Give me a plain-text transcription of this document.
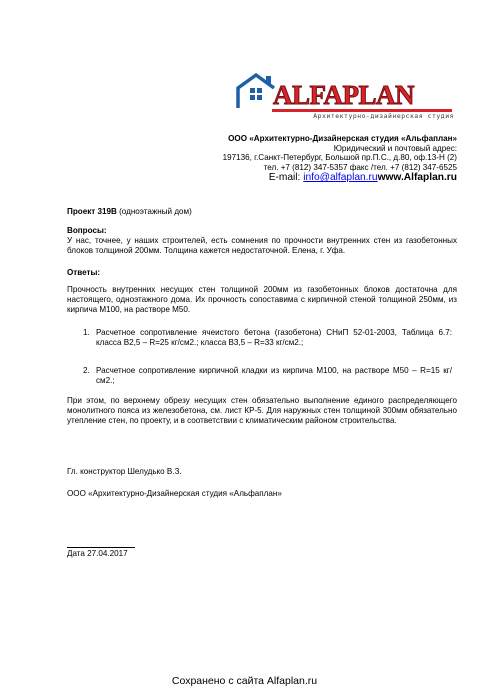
ALFAPLAN
Архитектурно-дизайнерская студия
ООО «Архитектурно-Дизайнерская студия «Альфаплан»
Юридический и почтовый адрес:
197136, г.Санкт-Петербург, Большой пр.П.С., д.80, оф.13-Н (2)
тел. +7 (812) 347-5357 факс /тел. +7 (812) 347-6525
E-mail: info@alfaplan.ruwww.Alfaplan.ru
Проект 319В (одноэтажный дом)
Вопросы:
У нас, точнее, у наших строителей, есть сомнения по прочности внутренних стен из газобетонных блоков толщиной 200мм. Толщина кажется недостаточной. Елена, г. Уфа.
Ответы:
Прочность внутренних несущих стен толщиной 200мм из газобетонных блоков достаточна для настоящего, одноэтажного дома. Их прочность сопоставима с кирпичной стеной толщиной 250мм, из кирпича М100, на растворе М50.
1. Расчетное сопротивление ячеистого бетона (газобетона) СНиП 52-01-2003, Таблица 6.7: класса В2,5 – R=25 кг/см2.; класса В3,5 – R=33 кг/см2.;
2. Расчетное сопротивление кирпичной кладки из кирпича М100, на растворе М50 – R=15 кг/см2.;
При этом, по верхнему обрезу несущих стен обязательно выполнение единого распределяющего монолитного пояса из железобетона, см. лист КР-5. Для наружных стен толщиной 300мм обязательно утепление стен, по проекту, и в соответствии с климатическим районом строительства.
Гл. конструктор Шелудько В.З.
ООО «Архитектурно-Дизайнерская студия «Альфаплан»
Дата 27.04.2017
Сохранено с сайта Alfaplan.ru
